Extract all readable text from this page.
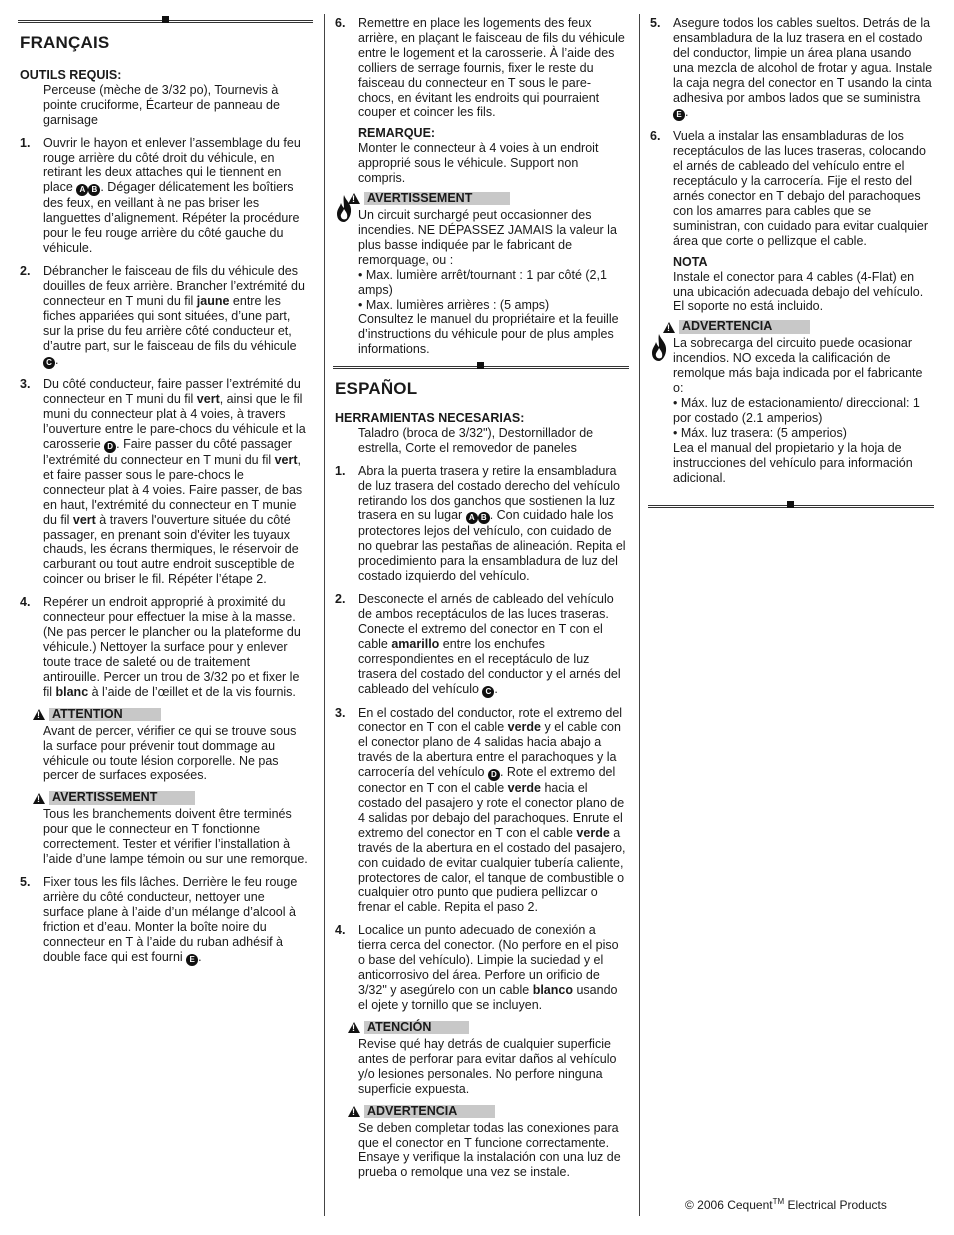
FRANÇAIS
OUTILS REQUIS:
Perceuse (mèche de 3/32 po), Tournevis à pointe cruciforme, Écarteur de panneau de garnisage
1. Ouvrir le hayon et enlever l’assemblage du feu rouge arrière du côté droit du véhicule, en retirant les deux attaches qui le tiennent en place A B . Dégager délicatement les boîtiers des feux, en veillant à ne pas briser les languettes d’alignement. Répéter la procédure pour le feu rouge arrière du côté gauche du véhicule.
2. Débrancher le faisceau de fils du véhicule des douilles de feux arrière. Brancher l’extrémité du connecteur en T muni du fil jaune entre les fiches appariées qui sont situées, d’une part, sur la prise du feu arrière côté conducteur et, d’autre part, sur le faisceau de fils du véhicule C .
3. Du côté conducteur, faire passer l’extrémité du connecteur en T muni du fil vert, ainsi que le fil muni du connecteur plat à 4 voies, à travers l’ouverture entre le pare-chocs du véhicule et la carosserie D . Faire passer du côté passager l’extrémité du connecteur en T muni du fil vert, et faire passer sous le pare-chocs le connecteur plat à 4 voies. Faire passer, de bas en haut, l'extrémité du connecteur en T munie du fil vert à travers l'ouverture située du côté passager, en prenant soin d'éviter les tuyaux chauds, les écrans thermiques, le réservoir de carburant ou tout autre endroit susceptible de coincer ou briser le fil. Répéter l’étape 2.
4. Repérer un endroit approprié à proximité du connecteur pour effectuer la mise à la masse. (Ne pas percer le plancher ou la plateforme du véhicule.) Nettoyer la surface pour y enlever toute trace de saleté ou de traitement antirouille. Percer un trou de 3/32 po et fixer le fil blanc à l’aide de l’œillet et de la vis fournis.
!
ATTENTION
Avant de percer, vérifier ce qui se trouve sous la surface pour prévenir tout dommage au véhicule ou toute lésion corporelle. Ne pas percer de surfaces exposées.
!
AVERTISSEMENT
Tous les branchements doivent être terminés pour que le connecteur en T fonctionne correctement. Tester et vérifier l’installation à l’aide d’une lampe témoin ou sur une remorque.
5. Fixer tous les fils lâches. Derrière le feu rouge arrière du côté conducteur, nettoyer une surface plane à l’aide d’un mélange d’alcool à friction et d’eau. Monter la boîte noire du connecteur en T à l’aide du ruban adhésif à double face qui est fourni E .
6. Remettre en place les logements des feux arrière, en plaçant le faisceau de fils du véhicule entre le logement et la carosserie. À l’aide des colliers de serrage fournis, fixer le reste du faisceau du connecteur en T sous le pare-chocs, en évitant les endroits qui pourraient couper et coincer les fils.
REMARQUE:
Monter le connecteur à 4 voies à un endroit approprié sous le véhicule. Support non compris.
!
AVERTISSEMENT
Un circuit surchargé peut occasionner des incendies. NE DÉPASSEZ JAMAIS la valeur la plus basse indiquée par le fabricant de remorquage, ou :
• Max. lumière arrêt/tournant : 1 par côté (2,1 amps)
• Max. lumières arrières : (5 amps)
Consultez le manuel du propriétaire et la feuille d’instructions du véhicule pour de plus amples informations.
ESPAÑOL
HERRAMIENTAS NECESARIAS:
Taladro (broca de 3/32"), Destornillador de estrella, Corte el removedor de paneles
1. Abra la puerta trasera y retire la ensambladura de luz trasera del costado derecho del vehículo retirando los dos ganchos que sostienen la luz trasera en su lugar A B . Con cuidado hale los protectores lejos del vehículo, con cuidado de no quebrar las pestañas de alineación. Repita el procedimiento para la ensambladura de luz del costado izquierdo del vehículo.
2. Desconecte el arnés de cableado del vehículo de ambos receptáculos de las luces traseras. Conecte el extremo del conector en T con el cable amarillo entre los enchufes correspondientes en el receptáculo de luz trasera del costado del conductor y el arnés del cableado del vehículo C .
3. En el costado del conductor, rote el extremo del conector en T con el cable verde y el cable con el conector plano de 4 salidas hacia abajo a través de la abertura entre el parachoques y la carrocería del vehículo D . Rote el extremo del conector en T con el cable verde hacia el costado del pasajero y rote el conector plano de 4 salidas por debajo del parachoques. Enrute el extremo del conector en T con el cable verde a través de la abertura en el costado del pasajero, con cuidado de evitar cualquier tubería caliente, protectores de calor, el tanque de combustible o cualquier otro punto que pudiera pellizcar o frenar el cable. Repita el paso 2.
4. Localice un punto adecuado de conexión a tierra cerca del conector. (No perfore en el piso o base del vehículo). Limpie la suciedad y el anticorrosivo del área. Perfore un orificio de 3/32" y asegúrelo con un cable blanco usando el ojete y tornillo que se incluyen.
!
ATENCIÓN
Revise qué hay detrás de cualquier superficie antes de perforar para evitar daños al vehículo y/o lesiones personales. No perfore ninguna superficie expuesta.
!
ADVERTENCIA
Se deben completar todas las conexiones para que el conector en T funcione correctamente. Ensaye y verifique la instalación con una luz de prueba o remolque una vez se instale.
5. Asegure todos los cables sueltos. Detrás de la ensambladura de la luz trasera en el costado del conductor, limpie un área plana usando una mezcla de alcohol de frotar y agua. Instale la caja negra del conector en T usando la cinta adhesiva por ambos lados que se suministra E .
6. Vuela a instalar las ensambladuras de los receptáculos de las luces traseras, colocando el arnés de cableado del vehículo entre el receptáculo y la carrocería. Fije el resto del arnés conector en T debajo del parachoques con los amarres para cables que se suministran, con cuidado para evitar cualquier área que corte o pellizque el cable.
NOTA
Instale el conector para 4 cables (4-Flat) en una ubicación adecuada debajo del vehículo. El soporte no está incluido.
!
ADVERTENCIA
La sobrecarga del circuito puede ocasionar incendios. NO exceda la calificación de remolque más baja indicada por el fabricante o:
• Máx. luz de estacionamiento/ direccional: 1 por costado (2.1 amperios)
• Máx. luz trasera: (5 amperios)
Lea el manual del propietario y la hoja de instrucciones del vehículo para información adicional.
© 2006 Cequent™ Electrical Products
